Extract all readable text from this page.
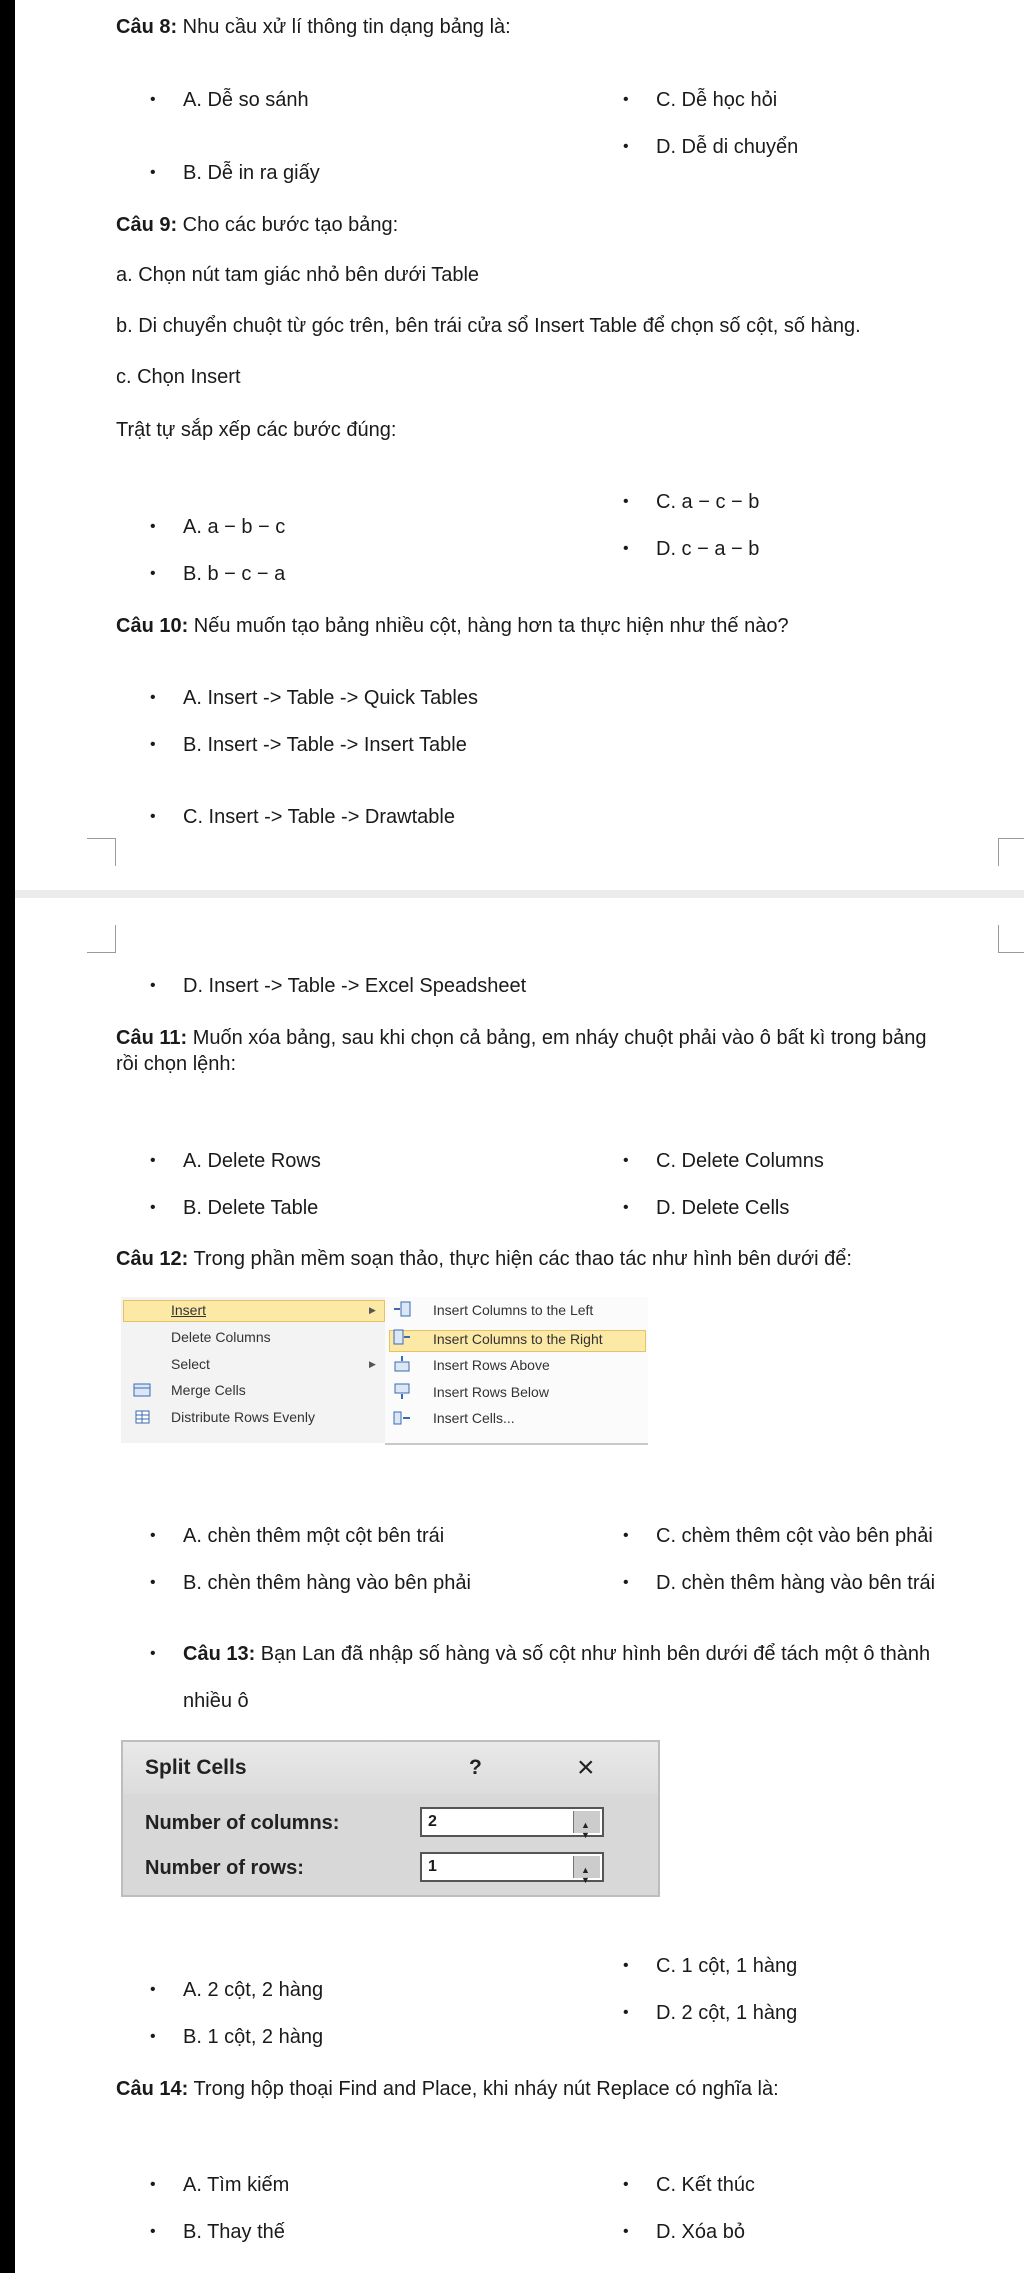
Câu 8: Nhu cầu xử lí thông tin dạng bảng là:
• A. Dễ so sánh	• C. Dễ học hỏi
• D. Dễ di chuyển
• B. Dễ in ra giấy
Câu 9: Cho các bước tạo bảng:
a. Chọn nút tam giác nhỏ bên dưới Table
b. Di chuyển chuột từ góc trên, bên trái cửa sổ Insert Table để chọn số cột, số hàng.
c. Chọn Insert
Trật tự sắp xếp các bước đúng:
• C. a − c − b
• A. a − b − c
• D. c − a − b
• B. b − c − a
Câu 10: Nếu muốn tạo bảng nhiều cột, hàng hơn ta thực hiện như thế nào?
• A. Insert -> Table -> Quick Tables
• B. Insert -> Table -> Insert Table
• C. Insert -> Table -> Drawtable
• D. Insert -> Table -> Excel Speadsheet
Câu 11: Muốn xóa bảng, sau khi chọn cả bảng, em nháy chuột phải vào ô bất kì trong bảng
rồi chọn lệnh:
• A. Delete Rows	• C. Delete Columns
• B. Delete Table	• D. Delete Cells
Câu 12: Trong phần mềm soạn thảo, thực hiện các thao tác như hình bên dưới để:
Insert	▶
Delete Columns
Select	▶
Merge Cells
Distribute Rows Evenly
Insert Columns to the Left
Insert Columns to the Right
Insert Rows Above
Insert Rows Below
Insert Cells...
• A. chèn thêm một cột bên trái	• C. chèm thêm cột vào bên phải
• B. chèn thêm hàng vào bên phải	• D. chèn thêm hàng vào bên trái
• Câu 13: Bạn Lan đã nhập số hàng và số cột như hình bên dưới để tách một ô thành
nhiều ô
Split Cells	?	×
Number of columns:	2	▲
▼
Number of rows:	1	▲
▼
• C. 1 cột, 1 hàng
• A. 2 cột, 2 hàng
• D. 2 cột, 1 hàng
• B. 1 cột, 2 hàng
Câu 14: Trong hộp thoại Find and Place, khi nháy nút Replace có nghĩa là:
• A. Tìm kiếm	• C. Kết thúc
• B. Thay thế	• D. Xóa bỏ
